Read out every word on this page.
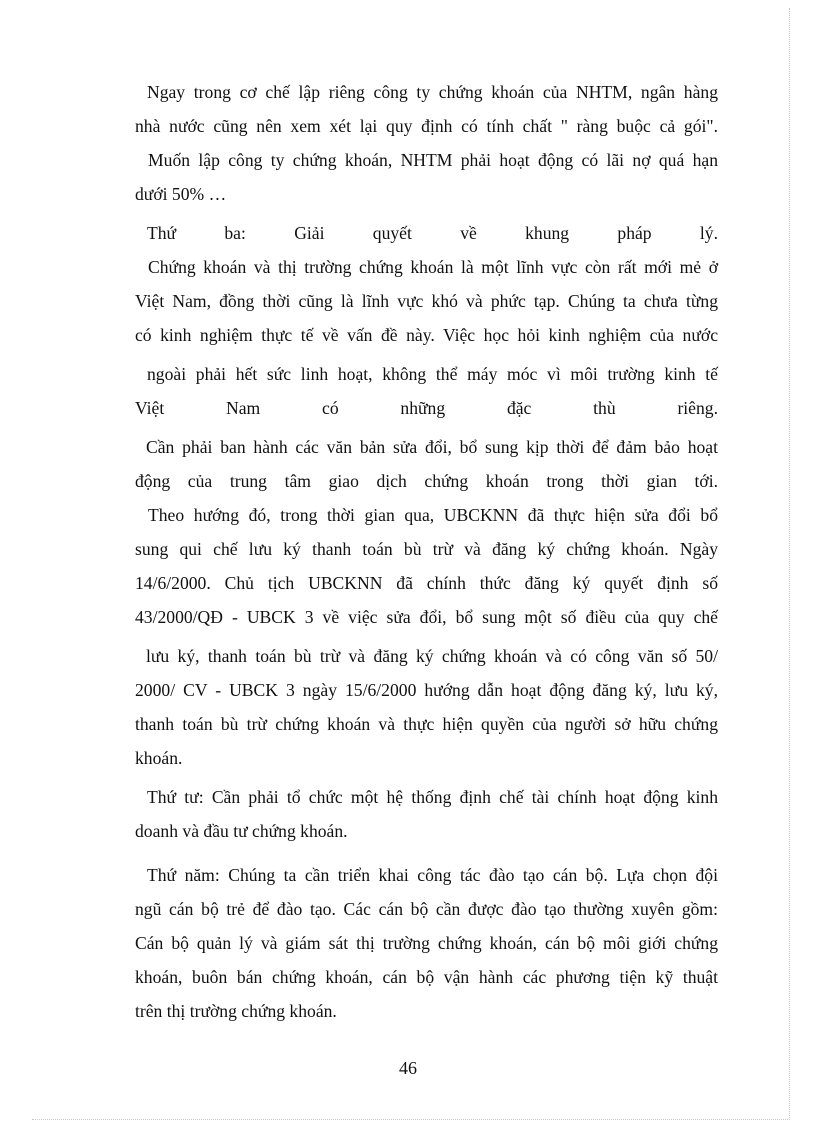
Ngay trong cơ chế lập riêng công ty chứng khoán của NHTM, ngân hàng

nhà nước cũng nên xem xét lại quy định có tính chất " ràng buộc cả gói".

Muốn lập công ty chứng khoán, NHTM phải hoạt động có lãi nợ quá hạn

dưới 50% …

Thứ ba: Giải quyết về khung pháp lý.

Chứng khoán và thị trường chứng khoán là một lĩnh vực còn rất mới mẻ ở

Việt Nam, đồng thời cũng là lĩnh vực khó và phức tạp. Chúng ta chưa từng

có kinh nghiệm thực tế về vấn đề này. Việc học hỏi kinh nghiệm của nước

ngoài phải hết sức linh hoạt, không thể máy móc vì môi trường kinh tế

Việt Nam có những đặc thù riêng.

Cần phải ban hành các văn bản sửa đổi, bổ sung kịp thời để đảm bảo hoạt

động của trung tâm giao dịch chứng khoán trong thời gian tới.

Theo hướng đó, trong thời gian qua, UBCKNN đã thực hiện sửa đổi bổ

sung qui chế lưu ký thanh toán bù trừ và đăng ký chứng khoán. Ngày

14/6/2000. Chủ tịch UBCKNN đã chính thức đăng ký quyết định số

43/2000/QĐ - UBCK 3 về việc sửa đổi, bổ sung một số điều của quy chế

lưu ký, thanh toán bù trừ và đăng ký chứng khoán và có công văn số 50/

2000/ CV - UBCK 3 ngày 15/6/2000 hướng dẫn hoạt động đăng ký, lưu ký,

thanh toán bù trừ chứng khoán và thực hiện quyền của người sở hữu chứng

khoán.

Thứ tư: Cần phải tổ chức một hệ thống định chế tài chính hoạt động kinh

doanh và đầu tư chứng khoán.

Thứ năm: Chúng ta cần triển khai công tác đào tạo cán bộ. Lựa chọn đội

ngũ cán bộ trẻ để đào tạo. Các cán bộ cần được đào tạo thường xuyên gồm:

Cán bộ quản lý và giám sát thị trường chứng khoán, cán bộ môi giới chứng

khoán, buôn bán chứng khoán, cán bộ vận hành các phương tiện kỹ thuật

trên thị trường chứng khoán.

46
